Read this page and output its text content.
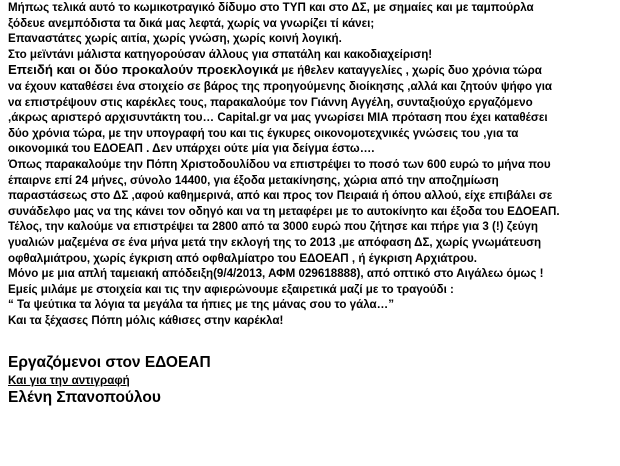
Μήπως τελικά αυτό το κωμικοτραγικό δίδυμο στο ΤΥΠ και στο ΔΣ, με σημαίες και με ταμπούρλα
ξόδευε ανεμπόδιστα τα δικά μας λεφτά, χωρίς να γνωρίζει τί κάνει;
Επαναστάτες χωρίς αιτία, χωρίς γνώση, χωρίς κοινή λογική.
Στο μεϊντάνι μάλιστα κατηγορούσαν άλλους για σπατάλη και κακοδιαχείριση!
Επειδή και οι δύο προκαλούν προεκλογικά με ήθελεν καταγγελίες , χωρίς δυο χρόνια τώρα
να έχουν καταθέσει ένα στοιχείο σε βάρος της προηγούμενης διοίκησης ,αλλά και ζητούν ψήφο για
να επιστρέψουν στις καρέκλες τους, παρακαλούμε τον Γιάννη Αγγέλη, συνταξιούχο εργαζόμενο
,άκρως αριστερό αρχισυντάκτη του… Capital.gr να μας γνωρίσει ΜΙΑ πρόταση που έχει καταθέσει
δύο χρόνια τώρα, με την υπογραφή του και τις έγκυρες οικονομοτεχνικές γνώσεις του ,για τα
οικονομικά του ΕΔΟΕΑΠ . Δεν υπάρχει ούτε μία για δείγμα έστω….
Όπως παρακαλούμε την Πόπη Χριστοδουλίδου να επιστρέψει το ποσό των 600 ευρώ το μήνα που
έπαιρνε επί 24 μήνες, σύνολο 14400, για έξοδα μετακίνησης, χώρια από την αποζημίωση
παραστάσεως στο ΔΣ ,αφού καθημερινά, από και προς τον Πειραιά ή όπου αλλού, είχε επιβάλει σε
συνάδελφο μας να της κάνει τον οδηγό και να τη μεταφέρει με το αυτοκίνητο και έξοδα του ΕΔΟΕΑΠ.
Τέλος, την καλούμε να επιστρέψει τα 2800 από τα 3000 ευρώ που ζήτησε και πήρε για 3 (!) ζεύγη
γυαλιών μαζεμένα σε ένα μήνα μετά την εκλογή της το 2013 ,με απόφαση ΔΣ, χωρίς γνωμάτευση
οφθαλμιάτρου, χωρίς έγκριση από οφθαλμίατρο του ΕΔΟΕΑΠ , ή έγκριση Αρχιάτρου.
Μόνο με μια απλή ταμειακή απόδειξη(9/4/2013, ΑΦΜ 029618888), από οπτικό στο Αιγάλεω όμως !
Εμείς μιλάμε με στοιχεία και τις την αφιερώνουμε εξαιρετικά μαζί με το τραγούδι :
“ Τα ψεύτικα τα λόγια τα μεγάλα τα ήπιες με της μάνας σου το γάλα…”
Και τα ξέχασες Πόπη μόλις κάθισες στην καρέκλα!
Εργαζόμενοι στον ΕΔΟΕΑΠ
Και για την αντιγραφή
Ελένη Σπανοπούλου
